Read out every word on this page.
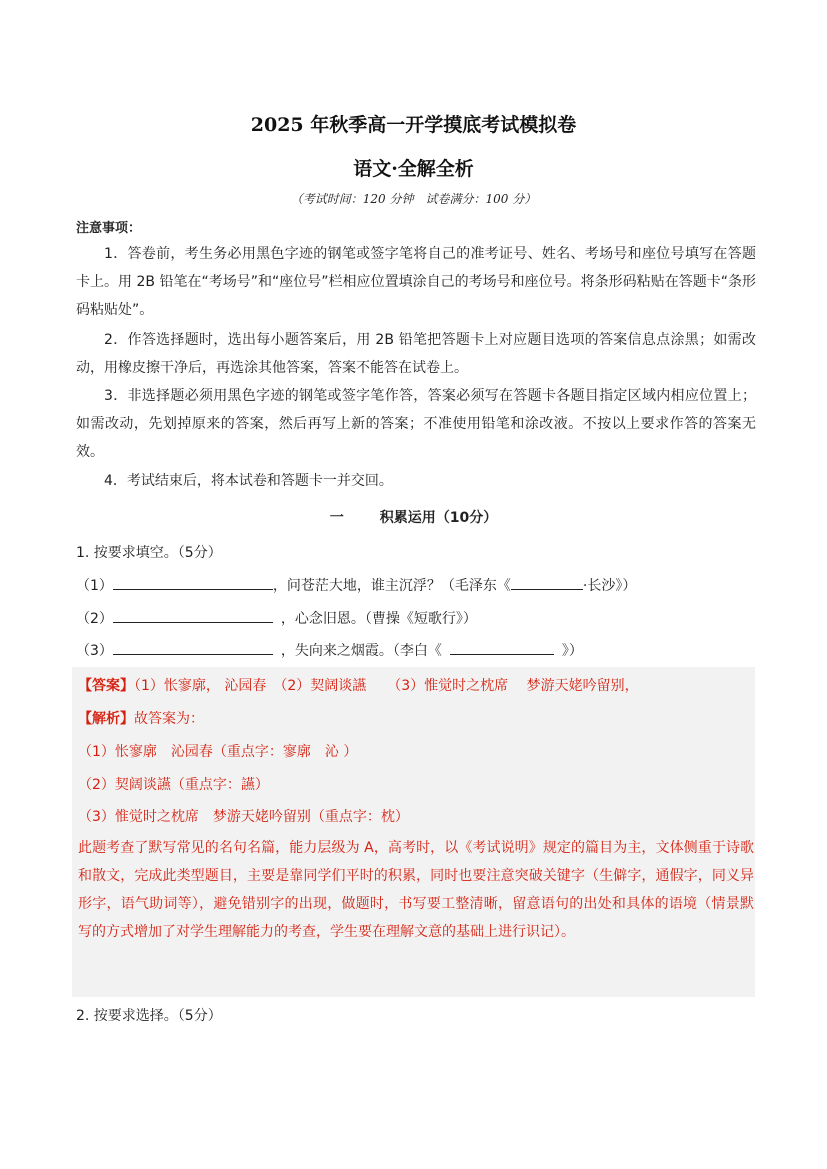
2025 年秋季高一开学摸底考试模拟卷
语文·全解全析
（考试时间：120 分钟　试卷满分：100 分）
注意事项：
1．答卷前，考生务必用黑色字迹的钢笔或签字笔将自己的准考证号、姓名、考场号和座位号填写在答题卡上。用 2B 铅笔在“考场号”和“座位号”栏相应位置填涂自己的考场号和座位号。将条形码粘贴在答题卡“条形码粘贴处”。
2．作答选择题时，选出每小题答案后，用 2B 铅笔把答题卡上对应题目选项的答案信息点涂黑；如需改动，用橡皮擦干净后，再选涂其他答案，答案不能答在试卷上。
3．非选择题必须用黑色字迹的钢笔或签字笔作答，答案必须写在答题卡各题目指定区域内相应位置上；如需改动，先划掉原来的答案，然后再写上新的答案；不准使用铅笔和涂改液。不按以上要求作答的答案无效。
4．考试结束后，将本试卷和答题卡一并交回。
一	积累运用（10分）
1. 按要求填空。（5分）
（1）	，问苍茫大地，谁主沉浮？（毛泽东《	·长沙》）
（2）	，心念旧恩。（曹操《短歌行》）
（3）	，失向来之烟霞。（李白《	》）
【答案】（1）怅寥廓， 沁园春　（2）契阔谈讌　　（3）惟觉时之枕席　 梦游天姥吟留别，
【解析】故答案为：
（1）怅寥廓　沁园春（重点字：寥廓　沁 ）
（2）契阔谈讌（重点字：讌）
（3）惟觉时之枕席　梦游天姥吟留别（重点字：枕）
此题考查了默写常见的名句名篇，能力层级为 A，高考时，以《考试说明》规定的篇目为主，文体侧重于诗歌和散文，完成此类型题目，主要是靠同学们平时的积累，同时也要注意突破关键字（生僻字，通假字，同义异形字，语气助词等），避免错别字的出现，做题时，书写要工整清晰，留意语句的出处和具体的语境（情景默写的方式增加了对学生理解能力的考查，学生要在理解文意的基础上进行识记）。
2. 按要求选择。（5分）
